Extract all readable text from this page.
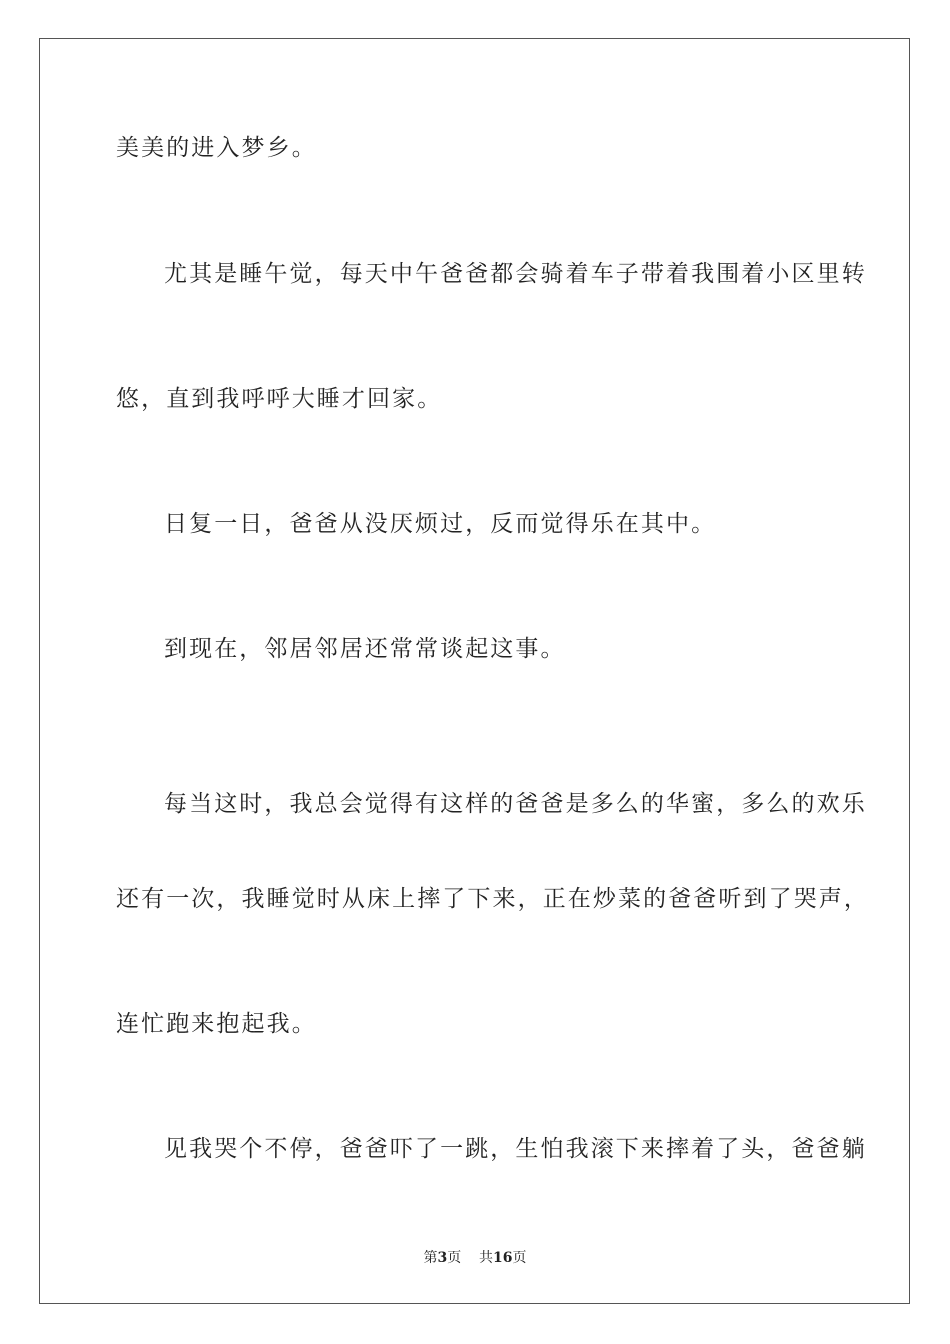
美美的进入梦乡。
尤其是睡午觉，每天中午爸爸都会骑着车子带着我围着小区里转
悠，直到我呼呼大睡才回家。
日复一日，爸爸从没厌烦过，反而觉得乐在其中。
到现在，邻居邻居还常常谈起这事。
每当这时，我总会觉得有这样的爸爸是多么的华蜜，多么的欢乐
还有一次，我睡觉时从床上摔了下来，正在炒菜的爸爸听到了哭声，
连忙跑来抱起我。
见我哭个不停，爸爸吓了一跳，生怕我滚下来摔着了头，爸爸躺
第3页 共16页
